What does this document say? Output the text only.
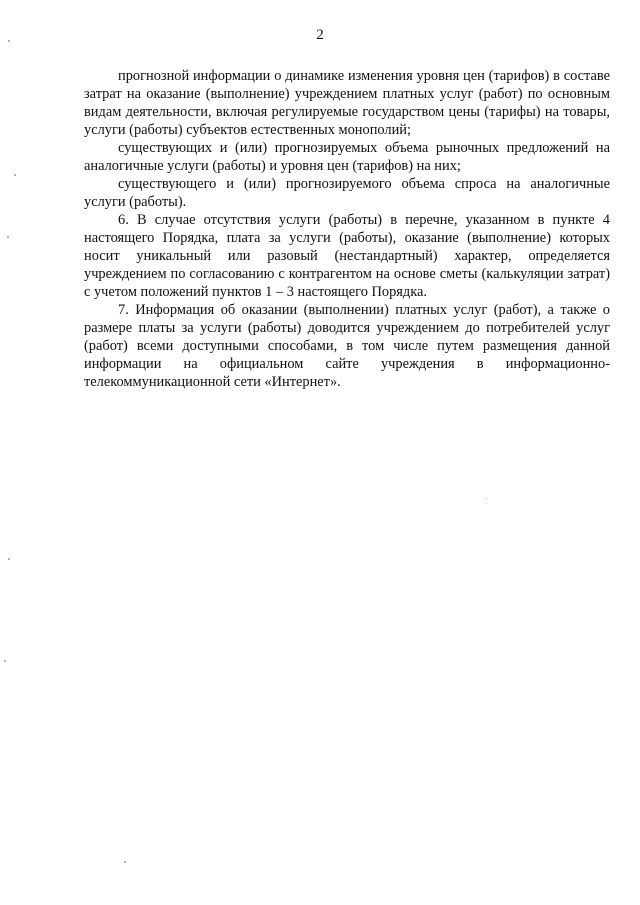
2

прогнозной информации о динамике изменения уровня цен (тарифов) в составе затрат на оказание (выполнение) учреждением платных услуг (работ) по основным видам деятельности, включая регулируемые государством цены (тарифы) на товары, услуги (работы) субъектов естественных монополий;

существующих и (или) прогнозируемых объема рыночных предложений на аналогичные услуги (работы) и уровня цен (тарифов) на них;

существующего и (или) прогнозируемого объема спроса на аналогичные услуги (работы).

6. В случае отсутствия услуги (работы) в перечне, указанном в пункте 4 настоящего Порядка, плата за услуги (работы), оказание (выполнение) которых носит уникальный или разовый (нестандартный) характер, определяется учреждением по согласованию с контрагентом на основе сметы (калькуляции затрат) с учетом положений пунктов 1 – 3 настоящего Порядка.

7. Информация об оказании (выполнении) платных услуг (работ), а также о размере платы за услуги (работы) доводится учреждением до потребителей услуг (работ) всеми доступными способами, в том числе путем размещения данной информации на официальном сайте учреждения в информационно-телекоммуникационной сети «Интернет».
